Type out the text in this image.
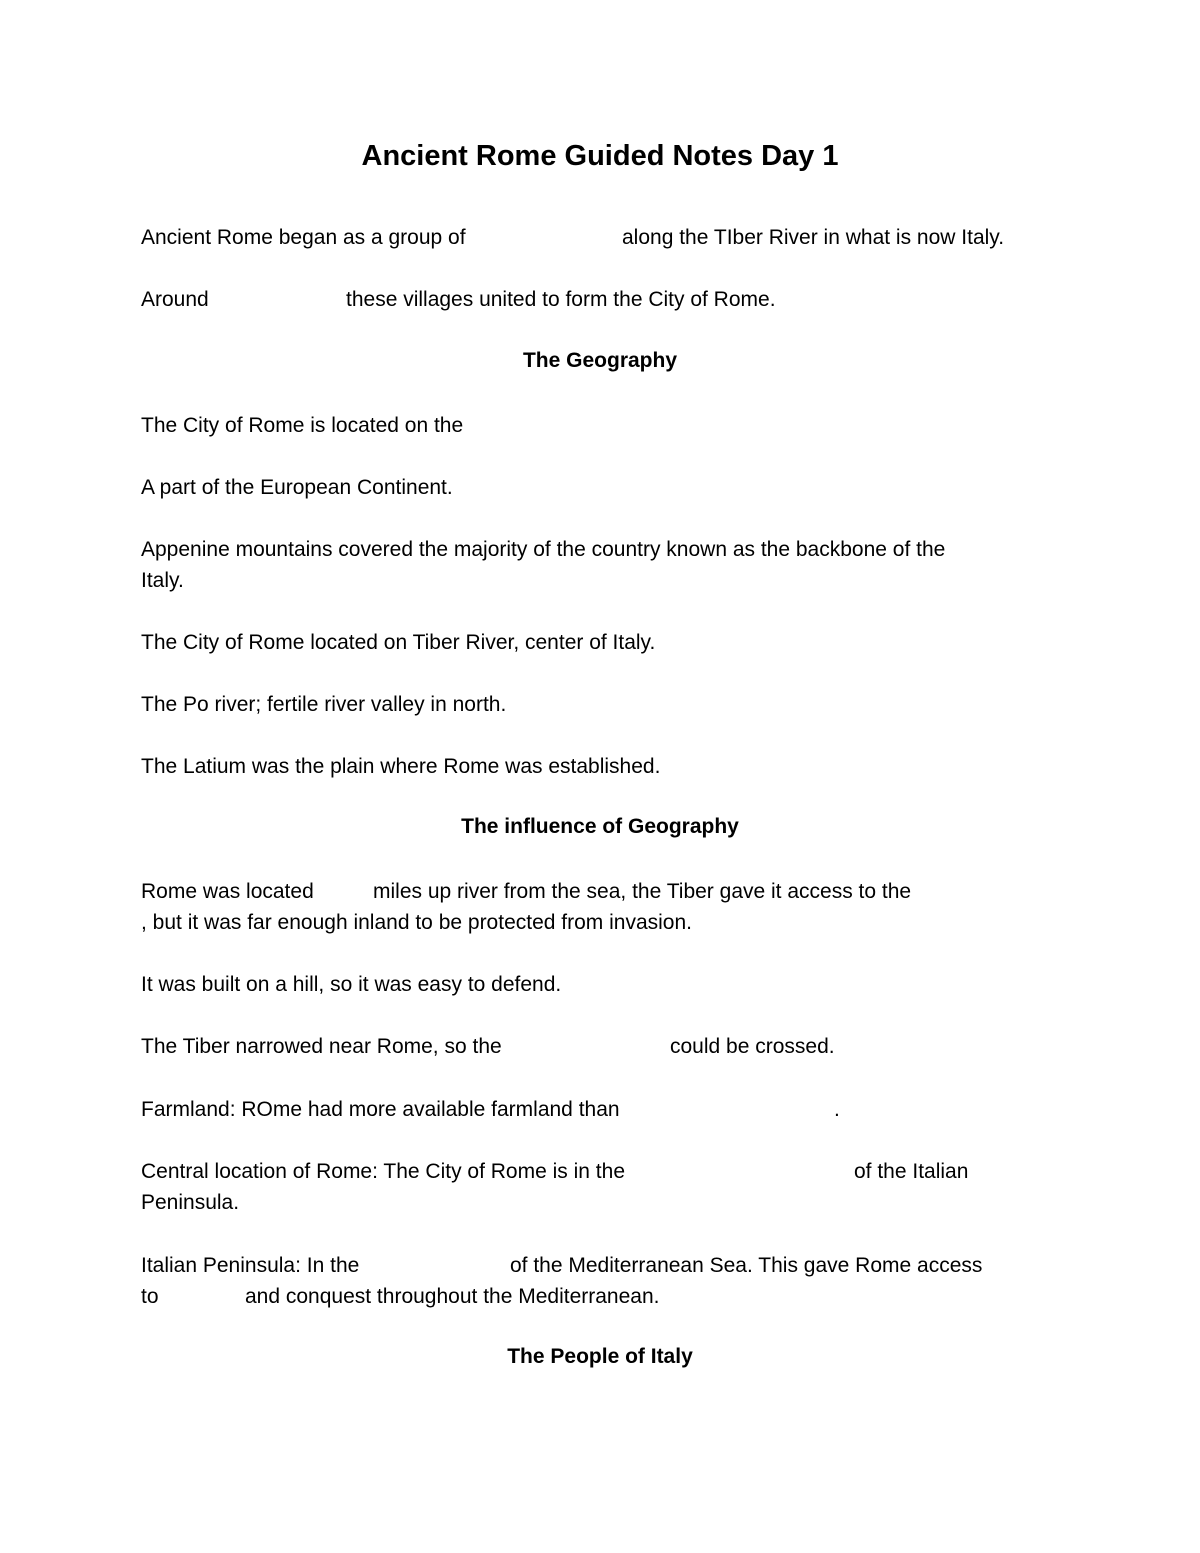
Ancient Rome Guided Notes Day 1

Ancient Rome began as a group of	along the TIber River in what is now Italy.

Around	these villages united to form the City of Rome.

The Geography

The City of Rome is located on the

A part of the European Continent.

Appenine mountains covered the majority of the country known as the backbone of the

Italy.

The City of Rome located on Tiber River, center of Italy.

The Po river; fertile river valley in north.

The Latium was the plain where Rome was established.

The influence of Geography

Rome was located	miles up river from the sea, the Tiber gave it access to the

, but it was far enough inland to be protected from invasion.

It was built on a hill, so it was easy to defend.

The Tiber narrowed near Rome, so the	could be crossed.

Farmland: ROme had more available farmland than	.

Central location of Rome: The City of Rome is in the	of the Italian

Peninsula.

Italian Peninsula: In the	of the Mediterranean Sea. This gave Rome access

to	and conquest throughout the Mediterranean.

The People of Italy
